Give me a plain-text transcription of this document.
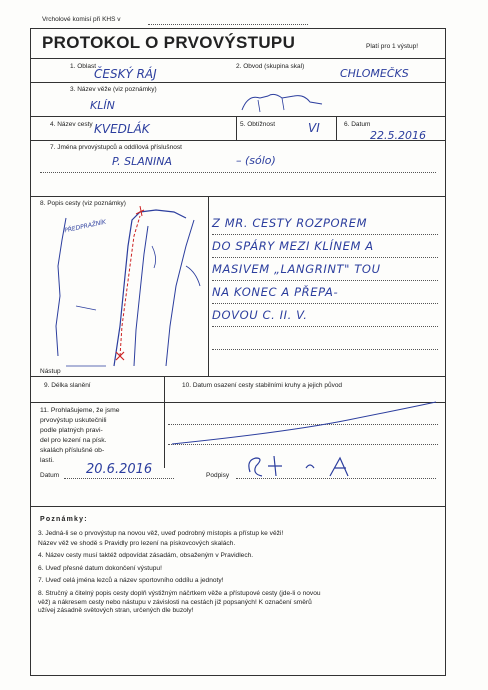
Vrcholové komisí při KHS v
PROTOKOL O PRVOVÝSTUPU	Platí pro 1 výstup!
1. Oblast
ČESKÝ RÁJ
2. Obvod (skupina skal)
CHLOMEČKS
3. Název věže (viz poznámky)
KLÍN
4. Název cesty KVEDLÁK	5. Obtížnost	VI	6. Datum
22.5.2016
7. Jména prvovýstupců a oddílová příslušnost
P. SLANINA	– (sólo)
8. Popis cesty (viz poznámky)
PŘEDPRAŽNÍK
Nástup
Z MR. CESTY ROZPOREM
DO SPÁRY MEZI KLÍNEM A
MASIVEM „LANGRINT" TOU
NA KONEC A PŘEPA-
DOVOU C. II. V.
9. Délka slanění	10. Datum osazení cesty stabilními kruhy a jejich původ
11. Prohlašujeme, že jsme
prvovýstup uskutečnili
podle platných pravi-
del pro lezení na písk.
skalách příslušné ob-
lasti.
Datum 20.6.2016	Podpisy
Poznámky:
3. Jedná-li se o prvovýstup na novou věž, uveď podrobný místopis a přístup ke věži!
Název věž ve shodě s Pravidly pro lezení na pískovcových skalách.
4. Název cesty musí taktéž odpovídat zásadám, obsaženým v Pravidlech.
6. Uveď přesné datum dokončení výstupu!
7. Uveď celá jména lezců a název sportovního oddílu a jednoty!
8. Stručný a čitelný popis cesty doplň výstižným náčrtkem věže a přístupové cesty (jde-li o novou
věž) a nákresem cesty nebo nástupu v závislosti na cestách již popsaných! K označení směrů
užívej zásadně světových stran, určených dle buzoly!
